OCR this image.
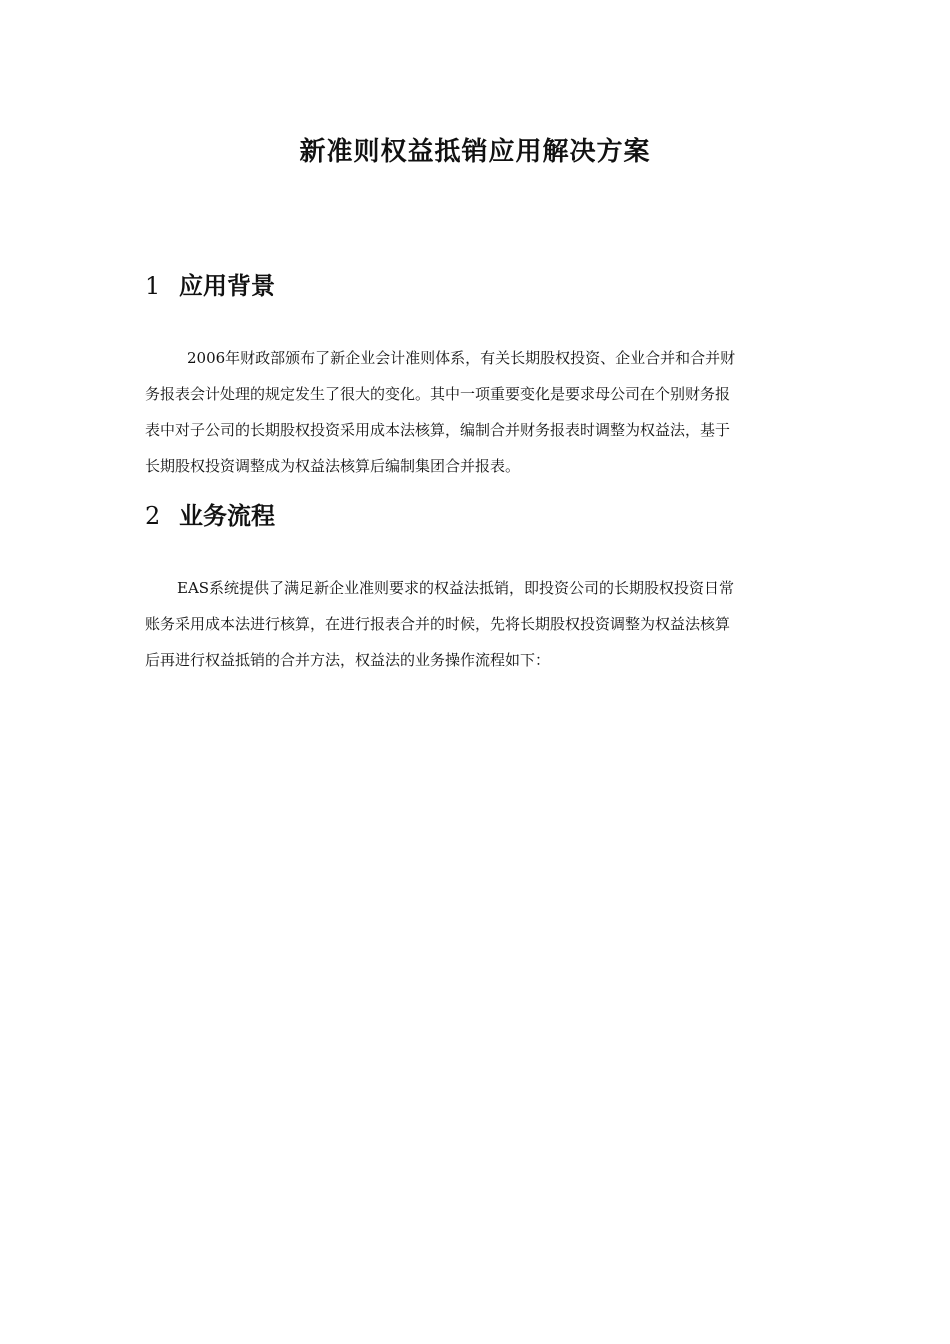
新准则权益抵销应用解决方案
1 应用背景

2006年财政部颁布了新企业会计准则体系，有关长期股权投资、企业合并和合并财
务报表会计处理的规定发生了很大的变化。其中一项重要变化是要求母公司在个别财务报
表中对子公司的长期股权投资采用成本法核算，编制合并财务报表时调整为权益法，基于
长期股权投资调整成为权益法核算后编制集团合并报表。

2 业务流程

EAS系统提供了满足新企业准则要求的权益法抵销，即投资公司的长期股权投资日常
账务采用成本法进行核算，在进行报表合并的时候，先将长期股权投资调整为权益法核算
后再进行权益抵销的合并方法，权益法的业务操作流程如下：
